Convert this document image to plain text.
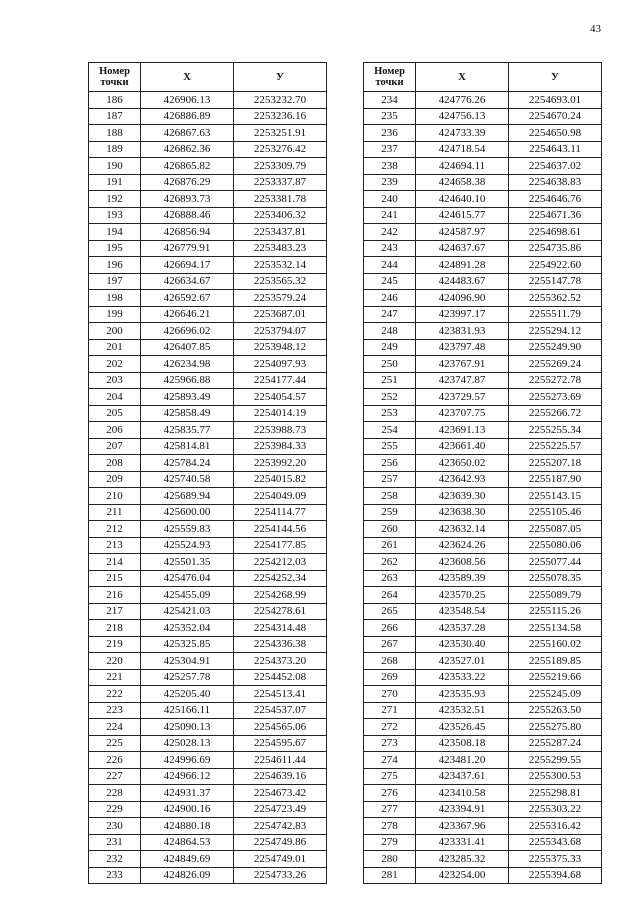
43
Номер
точки	X	У
186	426906.13	2253232.70
187	426886.89	2253236.16
188	426867.63	2253251.91
189	426862.36	2253276.42
190	426865.82	2253309.79
191	426876.29	2253337.87
192	426893.73	2253381.78
193	426888.46	2253406.32
194	426856.94	2253437.81
195	426779.91	2253483.23
196	426694.17	2253532.14
197	426634.67	2253565.32
198	426592.67	2253579.24
199	426646.21	2253687.01
200	426696.02	2253794.07
201	426407.85	2253948.12
202	426234.98	2254097.93
203	425966.88	2254177.44
204	425893.49	2254054.57
205	425858.49	2254014.19
206	425835.77	2253988.73
207	425814.81	2253984.33
208	425784.24	2253992.20
209	425740.58	2254015.82
210	425689.94	2254049.09
211	425600.00	2254114.77
212	425559.83	2254144.56
213	425524.93	2254177.85
214	425501.35	2254212.03
215	425476.04	2254252.34
216	425455.09	2254268.99
217	425421.03	2254278.61
218	425352.04	2254314.48
219	425325.85	2254336.38
220	425304.91	2254373.20
221	425257.78	2254452.08
222	425205.40	2254513.41
223	425166.11	2254537.07
224	425090.13	2254565.06
225	425028.13	2254595.67
226	424996.69	2254611.44
227	424966.12	2254639.16
228	424931.37	2254673.42
229	424900.16	2254723.49
230	424880.18	2254742.83
231	424864.53	2254749.86
232	424849.69	2254749.01
233	424826.09	2254733.26
Номер
точки	X	У
234	424776.26	2254693.01
235	424756.13	2254670.24
236	424733.39	2254650.98
237	424718.54	2254643.11
238	424694.11	2254637.02
239	424658.38	2254638.83
240	424640.10	2254646.76
241	424615.77	2254671.36
242	424587.97	2254698.61
243	424637.67	2254735.86
244	424891.28	2254922.60
245	424483.67	2255147.78
246	424096.90	2255362.52
247	423997.17	2255511.79
248	423831.93	2255294.12
249	423797.48	2255249.90
250	423767.91	2255269.24
251	423747.87	2255272.78
252	423729.57	2255273.69
253	423707.75	2255266.72
254	423691.13	2255255.34
255	423661.40	2255225.57
256	423650.02	2255207.18
257	423642.93	2255187.90
258	423639.30	2255143.15
259	423638.30	2255105.46
260	423632.14	2255087.05
261	423624.26	2255080.06
262	423608.56	2255077.44
263	423589.39	2255078.35
264	423570.25	2255089.79
265	423548.54	2255115.26
266	423537.28	2255134.58
267	423530.40	2255160.02
268	423527.01	2255189.85
269	423533.22	2255219.66
270	423535.93	2255245.09
271	423532.51	2255263.50
272	423526.45	2255275.80
273	423508.18	2255287.24
274	423481.20	2255299.55
275	423437.61	2255300.53
276	423410.58	2255298.81
277	423394.91	2255303.22
278	423367.96	2255316.42
279	423331.41	2255343.68
280	423285.32	2255375.33
281	423254.00	2255394.68
